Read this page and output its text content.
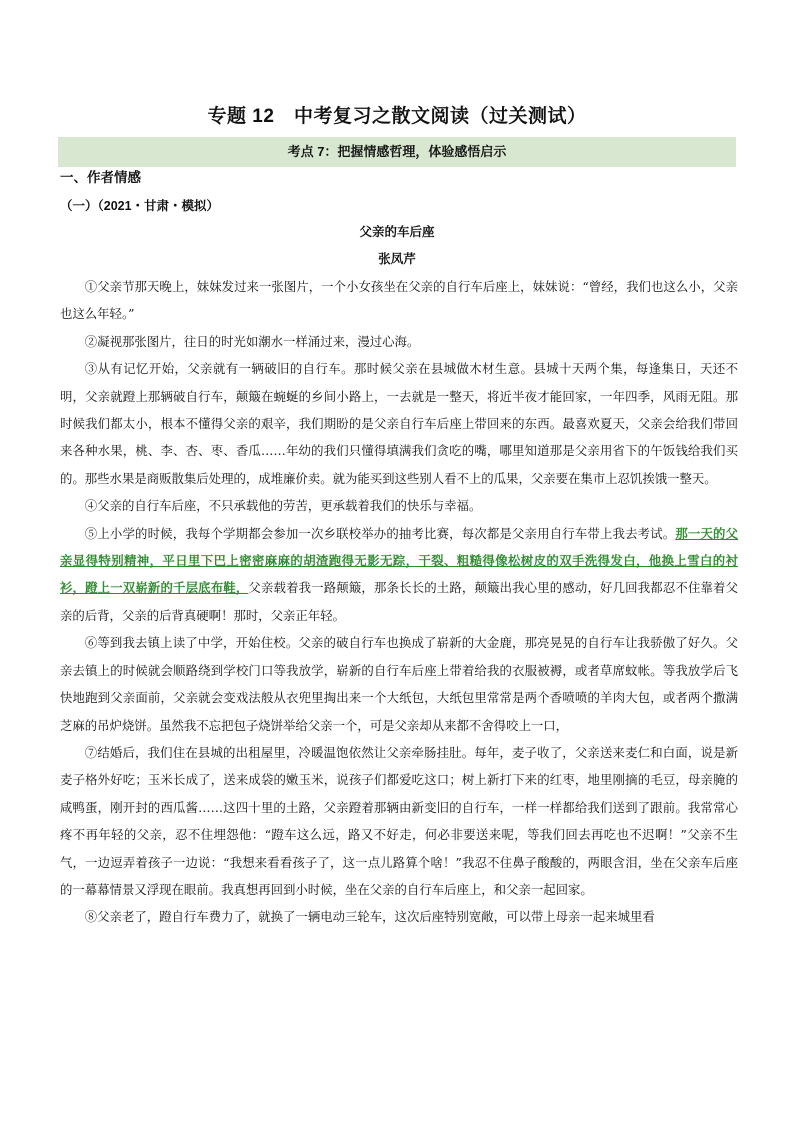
专题 12　中考复习之散文阅读（过关测试）
考点 7：把握情感哲理，体验感悟启示
一、作者情感
（一）（2021・甘肃・模拟）
父亲的车后座
张凤芹

①父亲节那天晚上，妹妹发过来一张图片，一个小女孩坐在父亲的自行车后座上，妹妹说：“曾经，我们也这么小，父亲也这么年轻。”

②凝视那张图片，往日的时光如潮水一样涌过来，漫过心海。

③从有记忆开始，父亲就有一辆破旧的自行车。那时候父亲在县城做木材生意。县城十天两个集，每逢集日，天还不明，父亲就蹬上那辆破自行车，颠簸在蜿蜒的乡间小路上，一去就是一整天，将近半夜才能回家，一年四季，风雨无阻。那时候我们都太小，根本不懂得父亲的艰辛，我们期盼的是父亲自行车后座上带回来的东西。最喜欢夏天，父亲会给我们带回来各种水果，桃、李、杏、枣、香瓜……年幼的我们只懂得填满我们贪吃的嘴，哪里知道那是父亲用省下的午饭钱给我们买的。那些水果是商贩散集后处理的，成堆廉价卖。就为能买到这些别人看不上的瓜果，父亲要在集市上忍饥挨饿一整天。

④父亲的自行车后座，不只承载他的劳苦，更承载着我们的快乐与幸福。

⑤上小学的时候，我每个学期都会参加一次乡联校举办的抽考比赛，每次都是父亲用自行车带上我去考试。那一天的父亲显得特别精神，平日里下巴上密密麻麻的胡渣跑得无影无踪，干裂、粗糙得像松树皮的双手洗得发白，他换上雪白的衬衫，蹬上一双崭新的千层底布鞋，父亲载着我一路颠簸，那条长长的土路，颠簸出我心里的感动，好几回我都忍不住靠着父亲的后背，父亲的后背真硬啊！那时，父亲正年轻。

⑥等到我去镇上读了中学，开始住校。父亲的破自行车也换成了崭新的大金鹿，那亮晃晃的自行车让我骄傲了好久。父亲去镇上的时候就会顺路绕到学校门口等我放学，崭新的自行车后座上带着给我的衣服被褥，或者草席蚊帐。等我放学后飞快地跑到父亲面前，父亲就会变戏法般从衣兜里掏出来一个大纸包，大纸包里常常是两个香喷喷的羊肉大包，或者两个撒满芝麻的吊炉烧饼。虽然我不忘把包子烧饼举给父亲一个，可是父亲却从来都不舍得咬上一口，

⑦结婚后，我们住在县城的出租屋里，冷暖温饱依然让父亲牵肠挂肚。每年，麦子收了，父亲送来麦仁和白面，说是新麦子格外好吃；玉米长成了，送来成袋的嫩玉米，说孩子们都爱吃这口；树上新打下来的红枣，地里刚摘的毛豆，母亲腌的咸鸭蛋，刚开封的西瓜酱……这四十里的土路，父亲蹬着那辆由新变旧的自行车，一样一样都给我们送到了跟前。我常常心疼不再年轻的父亲，忍不住埋怨他：“蹬车这么远，路又不好走，何必非要送来呢，等我们回去再吃也不迟啊！”父亲不生气，一边逗弄着孩子一边说：“我想来看看孩子了，这一点儿路算个啥！”我忍不住鼻子酸酸的，两眼含泪，坐在父亲车后座的一幕幕情景又浮现在眼前。我真想再回到小时候，坐在父亲的自行车后座上，和父亲一起回家。

⑧父亲老了，蹬自行车费力了，就换了一辆电动三轮车，这次后座特别宽敞，可以带上母亲一起来城里看
